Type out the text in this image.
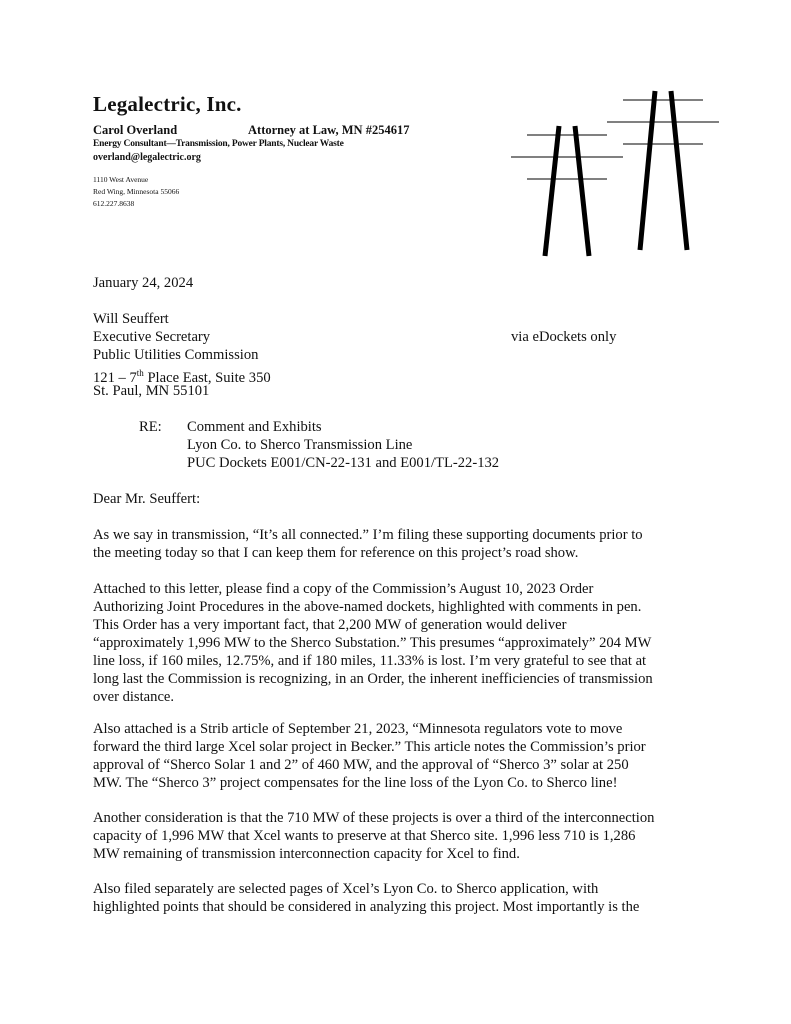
Legalectric, Inc.
Carol Overland	Attorney at Law, MN #254617
Energy Consultant—Transmission, Power Plants, Nuclear Waste
overland@legalectric.org
1110 West Avenue
Red Wing, Minnesota 55066
612.227.8638
January 24, 2024
Will Seuffert
Executive Secretary	via eDockets only
Public Utilities Commission
121 – 7th Place East, Suite 350
St. Paul, MN 55101
RE: Comment and Exhibits
Lyon Co. to Sherco Transmission Line
PUC Dockets E001/CN-22-131 and E001/TL-22-132
Dear Mr. Seuffert:
As we say in transmission, “It’s all connected.” I’m filing these supporting documents prior to
the meeting today so that I can keep them for reference on this project’s road show.
Attached to this letter, please find a copy of the Commission’s August 10, 2023 Order
Authorizing Joint Procedures in the above-named dockets, highlighted with comments in pen.
This Order has a very important fact, that 2,200 MW of generation would deliver
“approximately 1,996 MW to the Sherco Substation.” This presumes “approximately” 204 MW
line loss, if 160 miles, 12.75%, and if 180 miles, 11.33% is lost. I’m very grateful to see that at
long last the Commission is recognizing, in an Order, the inherent inefficiencies of transmission
over distance.
Also attached is a Strib article of September 21, 2023, “Minnesota regulators vote to move
forward the third large Xcel solar project in Becker.” This article notes the Commission’s prior
approval of “Sherco Solar 1 and 2” of 460 MW, and the approval of “Sherco 3” solar at 250
MW. The “Sherco 3” project compensates for the line loss of the Lyon Co. to Sherco line!
Another consideration is that the 710 MW of these projects is over a third of the interconnection
capacity of 1,996 MW that Xcel wants to preserve at that Sherco site. 1,996 less 710 is 1,286
MW remaining of transmission interconnection capacity for Xcel to find.
Also filed separately are selected pages of Xcel’s Lyon Co. to Sherco application, with
highlighted points that should be considered in analyzing this project. Most importantly is the
